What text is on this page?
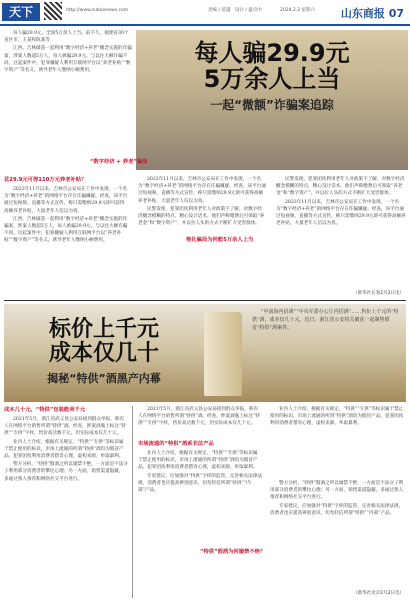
天下	http://www.subaonews.com	责编 / 延越　设计 / 盛宗中	2024.2.3 星期六 山东商报 07

每人骗29.9元，全国5万余人上当。前不久，福建省30个省区市，王某和陈某等

江西、吉林破获一起利用“数字经济+养老”概念实施的诈骗案，涉案人数超5万人，每人被骗29.9元。与以往大额诈骗不同，这起案件中，犯罪嫌疑人利用互联网平台以“养老补贴”“数字资产”等名义，诱导老年人缴纳小额费用。

每人骗29.9元
5万余人上当
一起“微额”诈骗案追踪
“数字经济 + 养老”骗局
花29.9元可得110万元养老补贴？

2023年11月以来，吉林市公安局在工作中发现，一个名为“数字经济+养老”的网络平台存在诈骗嫌疑。经查，该平台通过短视频、直播等方式宣传，称只需缴纳29.9元即可获得高额养老补贴，大量老年人信以为真。

江西、吉林破获一起利用“数字经济+养老”概念实施的诈骗案，涉案人数超5万人，每人被骗29.9元。与以往大额诈骗不同，这起案件中，犯罪嫌疑人利用互联网平台以“养老补贴”“数字资产”等名义，诱导老年人缴纳小额费用。

2023年11月以来，吉林市公安局在工作中发现，一个名为“数字经济+养老”的网络平台存在诈骗嫌疑。经查，该平台通过短视频、直播等方式宣传，称只需缴纳29.9元即可获得高额养老补贴，大量老年人信以为真。

民警发现，犯罪团伙利用老年人对政策不了解、对数字经济概念模糊的特点，精心设计话术。他们声称缴费后可领取“养老金”和“数字资产”，并以拉人头的方式不断扩大受害群体。

抱化骗局为何能5万余人上当

民警发现，犯罪团伙利用老年人对政策不了解、对数字经济概念模糊的特点，精心设计话术。他们声称缴费后可领取“养老金”和“数字资产”，并以拉人头的方式不断扩大受害群体。

2023年11月以来，吉林市公安局在工作中发现，一个名为“数字经济+养老”的网络平台存在诈骗嫌疑。经查，该平台通过短视频、直播等方式宣传，称只需缴纳29.9元即可获得高额养老补贴，大量老年人信以为真。

（新华社长春2月2日电）
标价上千元
成本仅几十
揭秘“特供”酒黑产内幕

“中南海内招酒”“中央军委办公厅内招酒”……售价上千元的“特供”酒，成本仅几十元。近日，浙江省公安机关破获一起制售假冒“特供”酒案件。

成本几十元，“特供”包装能卖千元

2021年5月，浙江省武义县公安局接到群众举报，称有人在网络平台销售所谓“特供”酒。经查，涉案酒瓶上标注“特供”“专供”字样，售价高达数千元，但实际成本仅几十元。

业内人士介绍，根据有关规定，“特供”“专供”等标识属于禁止使用的标识，市场上流通的所谓“特供”酒均为假冒产品。犯罪团伙利用消费者猎奇心理，虚构来源，牟取暴利。

警方分析，“特供”假酒之所以屡禁不绝，一方面是不法分子利用部分消费者的攀比心理；另一方面，销售渠道隐蔽，多通过熟人推荐和网络社交平台进行。

2021年5月，浙江省武义县公安局接到群众举报，称有人在网络平台销售所谓“特供”酒。经查，涉案酒瓶上标注“特供”“专供”字样，售价高达数千元，但实际成本仅几十元。

市场流通的“特供”酒系非法产品

业内人士介绍，根据有关规定，“特供”“专供”等标识属于禁止使用的标识，市场上流通的所谓“特供”酒均为假冒产品。犯罪团伙利用消费者猎奇心理，虚构来源，牟取暴利。

专家建议，应加强对“特供”字样的监管，完善相关法律法规，消费者也应提高辨别意识，切勿轻信所谓“特供”“内部”产品。

业内人士介绍，根据有关规定，“特供”“专供”等标识属于禁止使用的标识，市场上流通的所谓“特供”酒均为假冒产品。犯罪团伙利用消费者猎奇心理，虚构来源，牟取暴利。

“特供”假酒为何屡禁不绝？

警方分析，“特供”假酒之所以屡禁不绝，一方面是不法分子利用部分消费者的攀比心理；另一方面，销售渠道隐蔽，多通过熟人推荐和网络社交平台进行。

专家建议，应加强对“特供”字样的监管，完善相关法律法规，消费者也应提高辨别意识，切勿轻信所谓“特供”“内部”产品。

（新华社北京2月2日电）
